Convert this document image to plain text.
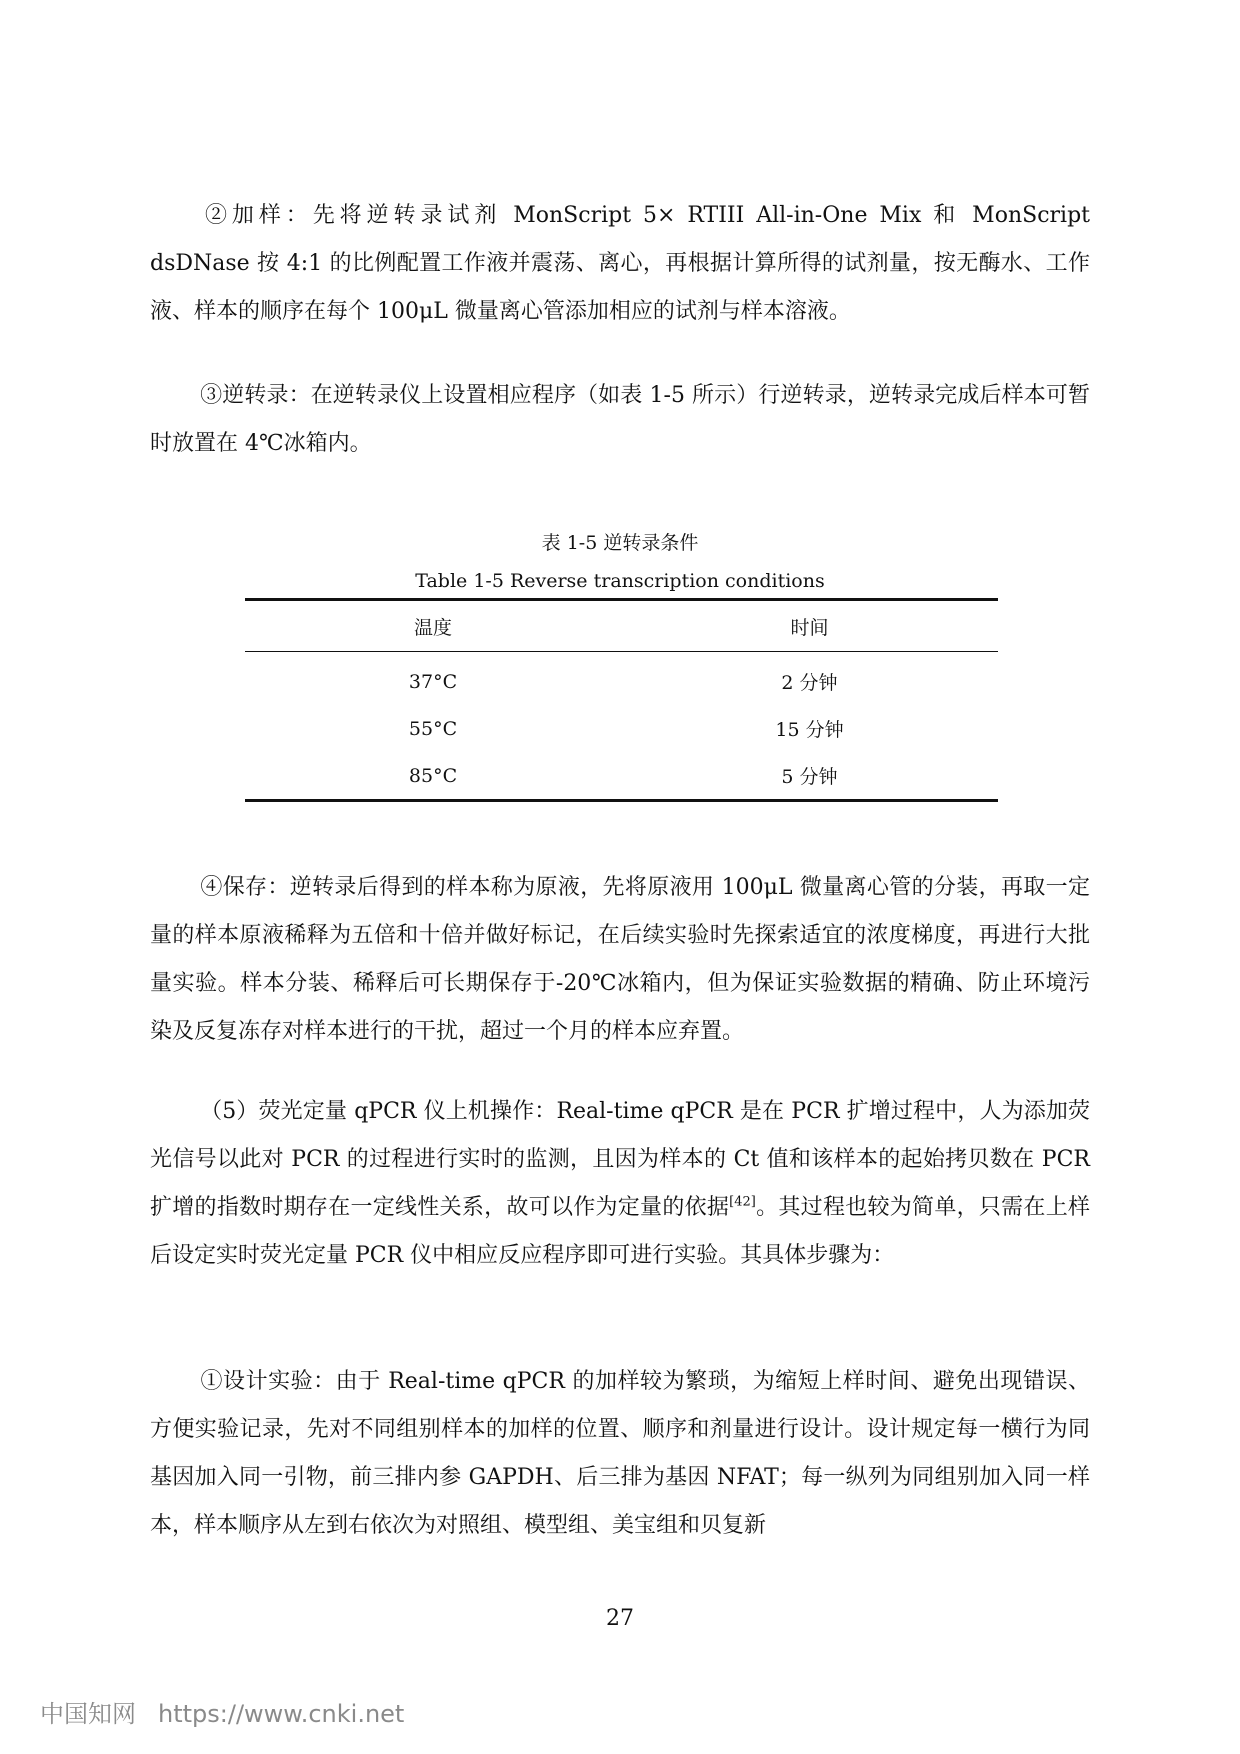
②加样：先将逆转录试剂 MonScript 5× RTIII All-in-One Mix 和 MonScript dsDNase 按 4:1 的比例配置工作液并震荡、离心，再根据计算所得的试剂量，按无酶水、工作液、样本的顺序在每个 100μL 微量离心管添加相应的试剂与样本溶液。

③逆转录：在逆转录仪上设置相应程序（如表 1-5 所示）行逆转录，逆转录完成后样本可暂时放置在 4℃冰箱内。

表 1-5 逆转录条件

Table 1-5 Reverse transcription conditions

温度	时间
37°C	2 分钟
55°C	15 分钟
85°C	5 分钟

④保存：逆转录后得到的样本称为原液，先将原液用 100μL 微量离心管的分装，再取一定量的样本原液稀释为五倍和十倍并做好标记，在后续实验时先探索适宜的浓度梯度，再进行大批量实验。样本分装、稀释后可长期保存于-20℃冰箱内，但为保证实验数据的精确、防止环境污染及反复冻存对样本进行的干扰，超过一个月的样本应弃置。

（5）荧光定量 qPCR 仪上机操作：Real-time qPCR 是在 PCR 扩增过程中，人为添加荧光信号以此对 PCR 的过程进行实时的监测，且因为样本的 Ct 值和该样本的起始拷贝数在 PCR 扩增的指数时期存在一定线性关系，故可以作为定量的依据[42]。其过程也较为简单，只需在上样后设定实时荧光定量 PCR 仪中相应反应程序即可进行实验。其具体步骤为：

①设计实验：由于 Real-time qPCR 的加样较为繁琐，为缩短上样时间、避免出现错误、方便实验记录，先对不同组别样本的加样的位置、顺序和剂量进行设计。设计规定每一横行为同基因加入同一引物，前三排内参 GAPDH、后三排为基因 NFAT；每一纵列为同组别加入同一样本，样本顺序从左到右依次为对照组、模型组、美宝组和贝复新

27

中国知网 https://www.cnki.net
